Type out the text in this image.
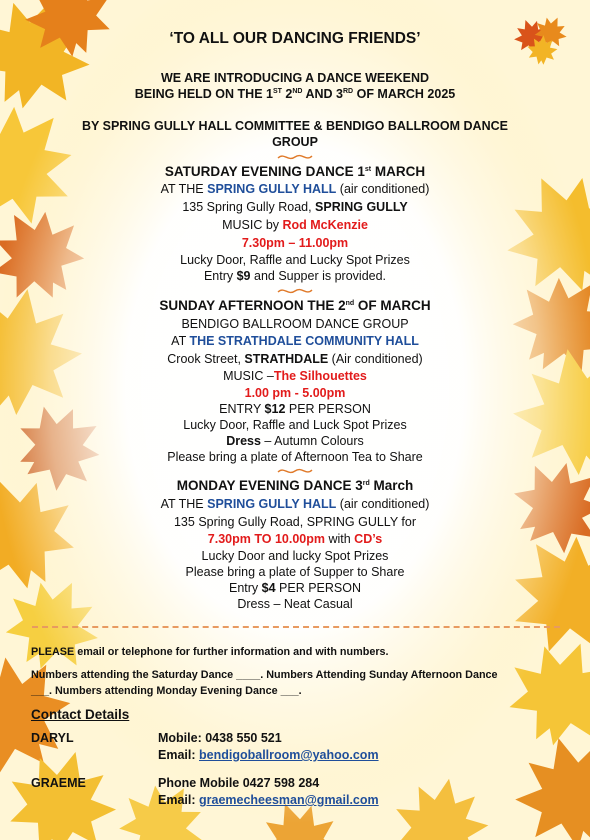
‘TO ALL OUR DANCING FRIENDS’
WE ARE INTRODUCING A DANCE WEEKEND
BEING HELD ON THE 1ST 2ND AND 3RD OF MARCH 2025
BY SPRING GULLY HALL COMMITTEE & BENDIGO BALLROOM DANCE
GROUP
SATURDAY EVENING DANCE 1st MARCH
AT THE SPRING GULLY HALL (air conditioned)
135 Spring Gully Road, SPRING GULLY
MUSIC by Rod McKenzie
7.30pm – 11.00pm
Lucky Door, Raffle and Lucky Spot Prizes
Entry $9 and Supper is provided.
SUNDAY AFTERNOON THE 2nd OF MARCH
BENDIGO BALLROOM DANCE GROUP
AT THE STRATHDALE COMMUNITY HALL
Crook Street, STRATHDALE (Air conditioned)
MUSIC –The Silhouettes
1.00 pm - 5.00pm
ENTRY $12 PER PERSON
Lucky Door, Raffle and Luck Spot Prizes
Dress – Autumn Colours
Please bring a plate of Afternoon Tea to Share
MONDAY EVENING DANCE 3rd March
AT THE SPRING GULLY HALL (air conditioned)
135 Spring Gully Road, SPRING GULLY for
7.30pm TO 10.00pm with CD’s
Lucky Door and lucky Spot Prizes
Please bring a plate of Supper to Share
Entry $4 PER PERSON
Dress – Neat Casual
PLEASE email or telephone for further information and with numbers.
Numbers attending the Saturday Dance ____. Numbers Attending Sunday Afternoon Dance
___. Numbers attending Monday Evening Dance ___.
Contact Details
DARYL	Mobile: 0438 550 521
Email: bendigoballroom@yahoo.com
GRAEME	Phone Mobile 0427 598 284
Email: graemecheesman@gmail.com
